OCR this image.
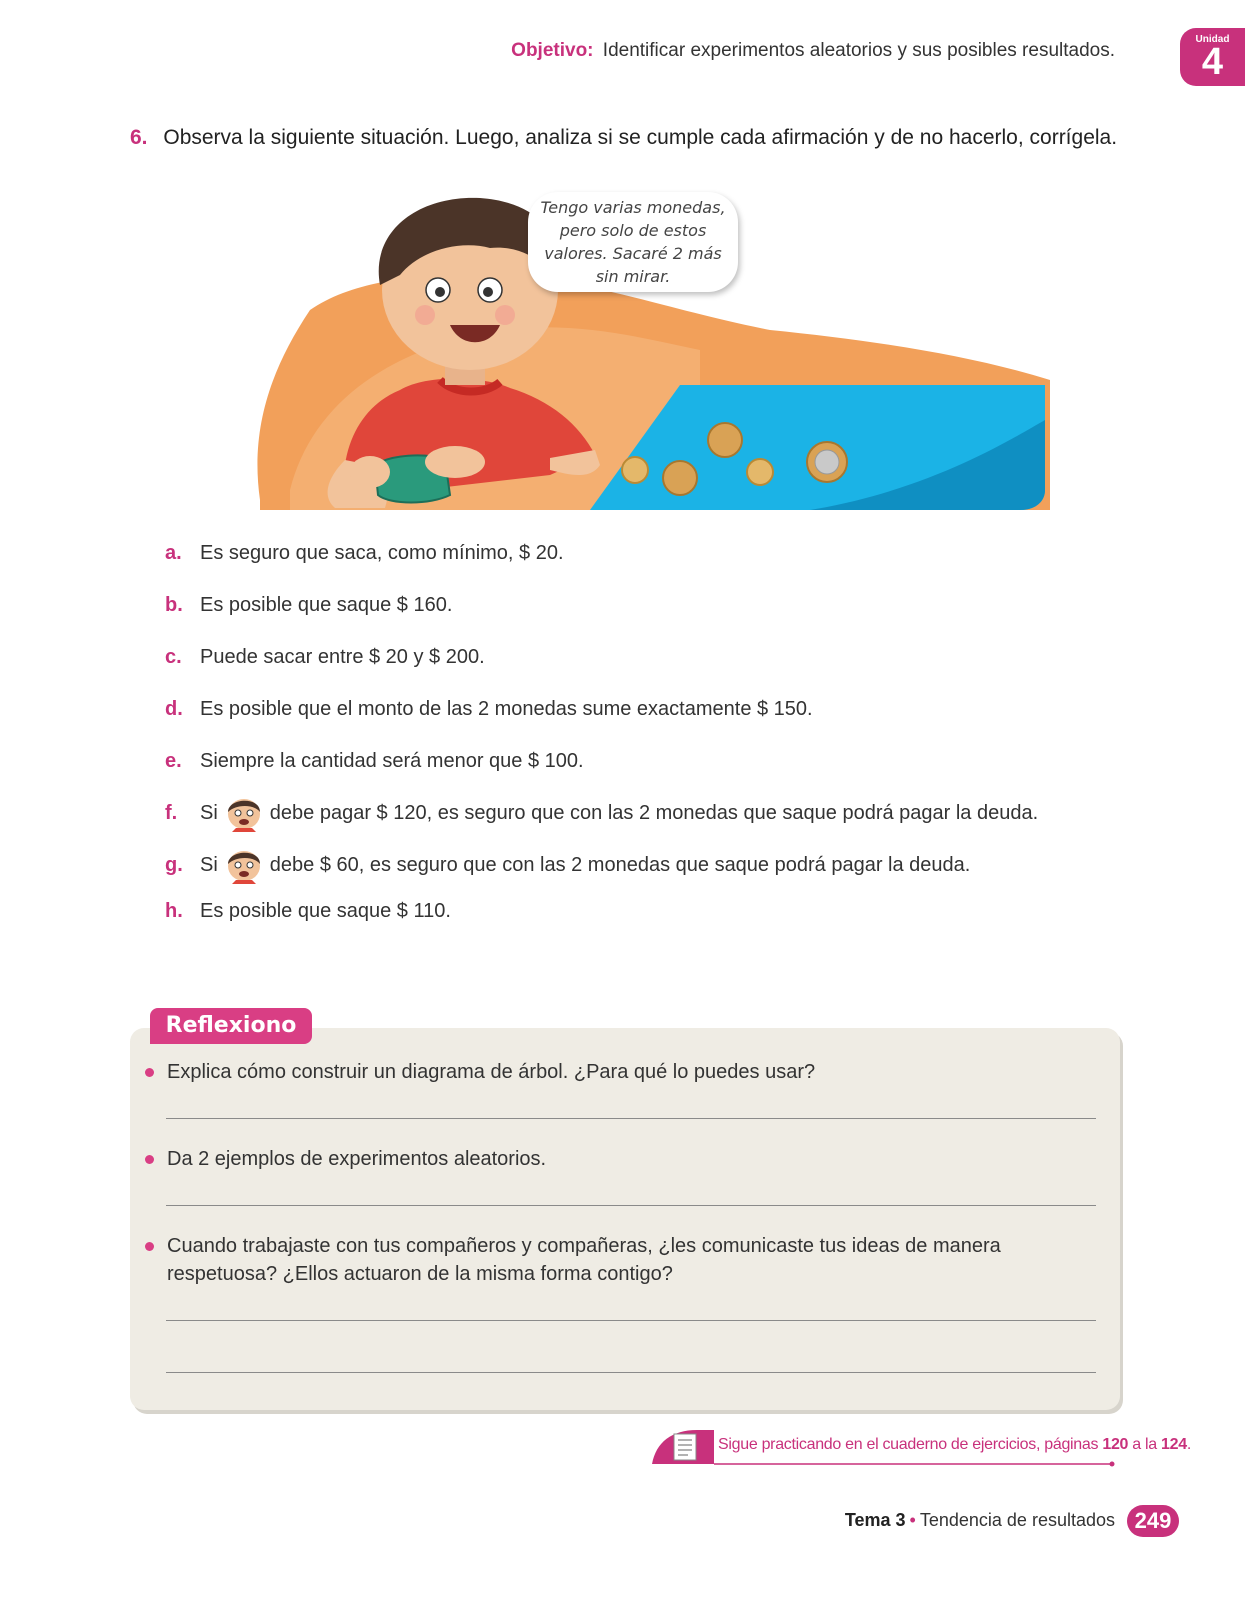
Objetivo: Identificar experimentos aleatorios y sus posibles resultados.
Unidad
4
6. Observa la siguiente situación. Luego, analiza si se cumple cada afirmación y de no hacerlo, corrígela.
Tengo varias monedas,
pero solo de estos
valores. Sacaré 2 más
sin mirar.
a. Es seguro que saca, como mínimo, $ 20.
b. Es posible que saque $ 160.
c. Puede sacar entre $ 20 y $ 200.
d. Es posible que el monto de las 2 monedas sume exactamente $ 150.
e. Siempre la cantidad será menor que $ 100.
f. Si	debe pagar $ 120, es seguro que con las 2 monedas que saque podrá pagar la deuda.
g. Si	debe $ 60, es seguro que con las 2 monedas que saque podrá pagar la deuda.
h. Es posible que saque $ 110.
Reflexiono
Explica cómo construir un diagrama de árbol. ¿Para qué lo puedes usar?
Da 2 ejemplos de experimentos aleatorios.
Cuando trabajaste con tus compañeros y compañeras, ¿les comunicaste tus ideas de manera
respetuosa? ¿Ellos actuaron de la misma forma contigo?
Sigue practicando en el cuaderno de ejercicios, páginas 120 a la 124.
Tema 3 • Tendencia de resultados 249
